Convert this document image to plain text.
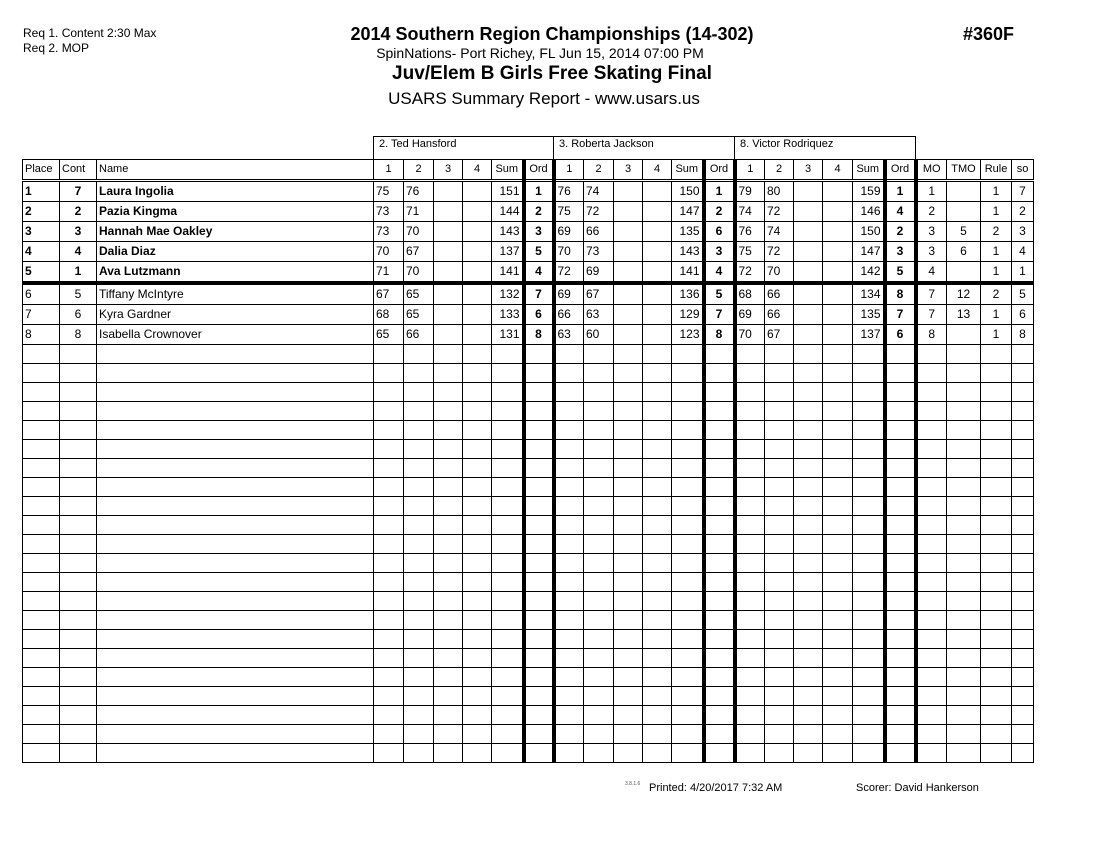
Req 1. Content 2:30 Max
Req 2. MOP
2014 Southern Region Championships (14-302)
SpinNations- Port Richey, FL Jun 15, 2014 07:00 PM
Juv/Elem B Girls Free Skating Final
USARS Summary Report - www.usars.us
#360F
2. Ted Hansford	3. Roberta Jackson	8. Victor Rodriquez
Place	Cont	Name	1	2	3	4	Sum	Ord	1	2	3	4	Sum	Ord	1	2	3	4	Sum	Ord	MO	TMO	Rule	so
1	7	Laura Ingolia	75	76			151	1	76	74			150	1	79	80			159	1	1		1	7
2	2	Pazia Kingma	73	71			144	2	75	72			147	2	74	72			146	4	2		1	2
3	3	Hannah Mae Oakley	73	70			143	3	69	66			135	6	76	74			150	2	3	5	2	3
4	4	Dalia Diaz	70	67			137	5	70	73			143	3	75	72			147	3	3	6	1	4
5	1	Ava Lutzmann	71	70			141	4	72	69			141	4	72	70			142	5	4		1	1
6	5	Tiffany McIntyre	67	65			132	7	69	67			136	5	68	66			134	8	7	12	2	5
7	6	Kyra Gardner	68	65			133	6	66	63			129	7	69	66			135	7	7	13	1	6
8	8	Isabella Crownover	65	66			131	8	63	60			123	8	70	67			137	6	8		1	8

3.8.1.6 Printed: 4/20/2017 7:32 AM	Scorer: David Hankerson
